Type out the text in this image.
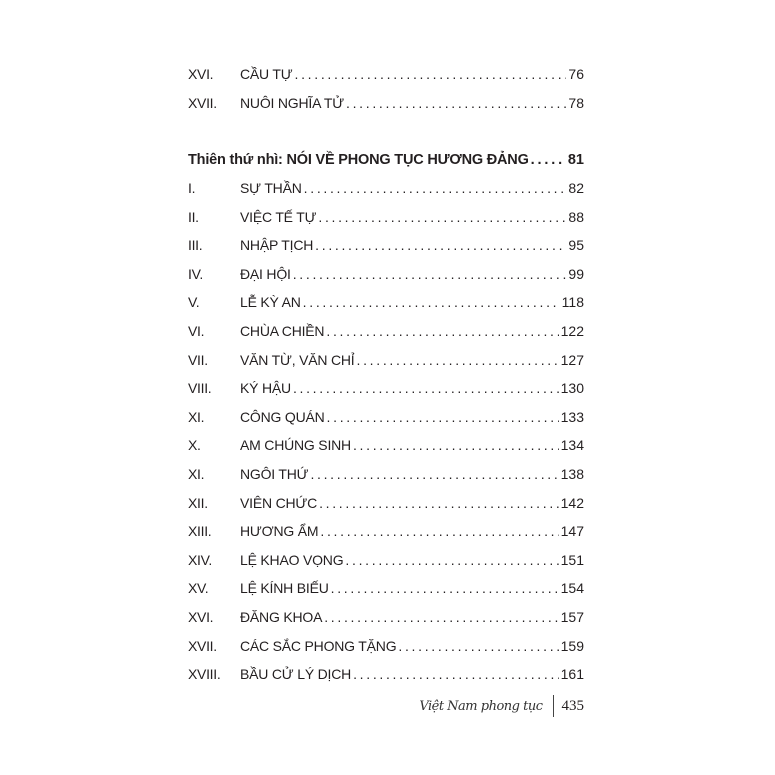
XVI.	CẦU TỰ . . .	76
XVII.	NUÔI NGHĨA TỬ . . .	78
Thiên thứ nhì: NÓI VỀ PHONG TỤC HƯƠNG ĐẢNG . . .	81
I.	SỰ THẦN . . .	82
II.	VIỆC TẾ TỰ . . .	88
III.	NHẬP TỊCH . . .	95
IV.	ĐẠI HỘI . . .	99
V.	LỄ KỲ AN . . .	118
VI.	CHÙA CHIỀN . . .	122
VII.	VĂN TỪ, VĂN CHỈ . . .	127
VIII.	KÝ HẬU . . .	130
XI.	CÔNG QUÁN . . .	133
X.	AM CHÚNG SINH . . .	134
XI.	NGÔI THỨ . . .	138
XII.	VIÊN CHỨC . . .	142
XIII.	HƯƠNG ẨM . . .	147
XIV.	LỆ KHAO VỌNG . . .	151
XV.	LỆ KÍNH BIẾU . . .	154
XVI.	ĐĂNG KHOA . . .	157
XVII.	CÁC SẮC PHONG TẶNG . . .	159
XVIII.	BẦU CỬ LÝ DỊCH . . .	161
Việt Nam phong tục 435
